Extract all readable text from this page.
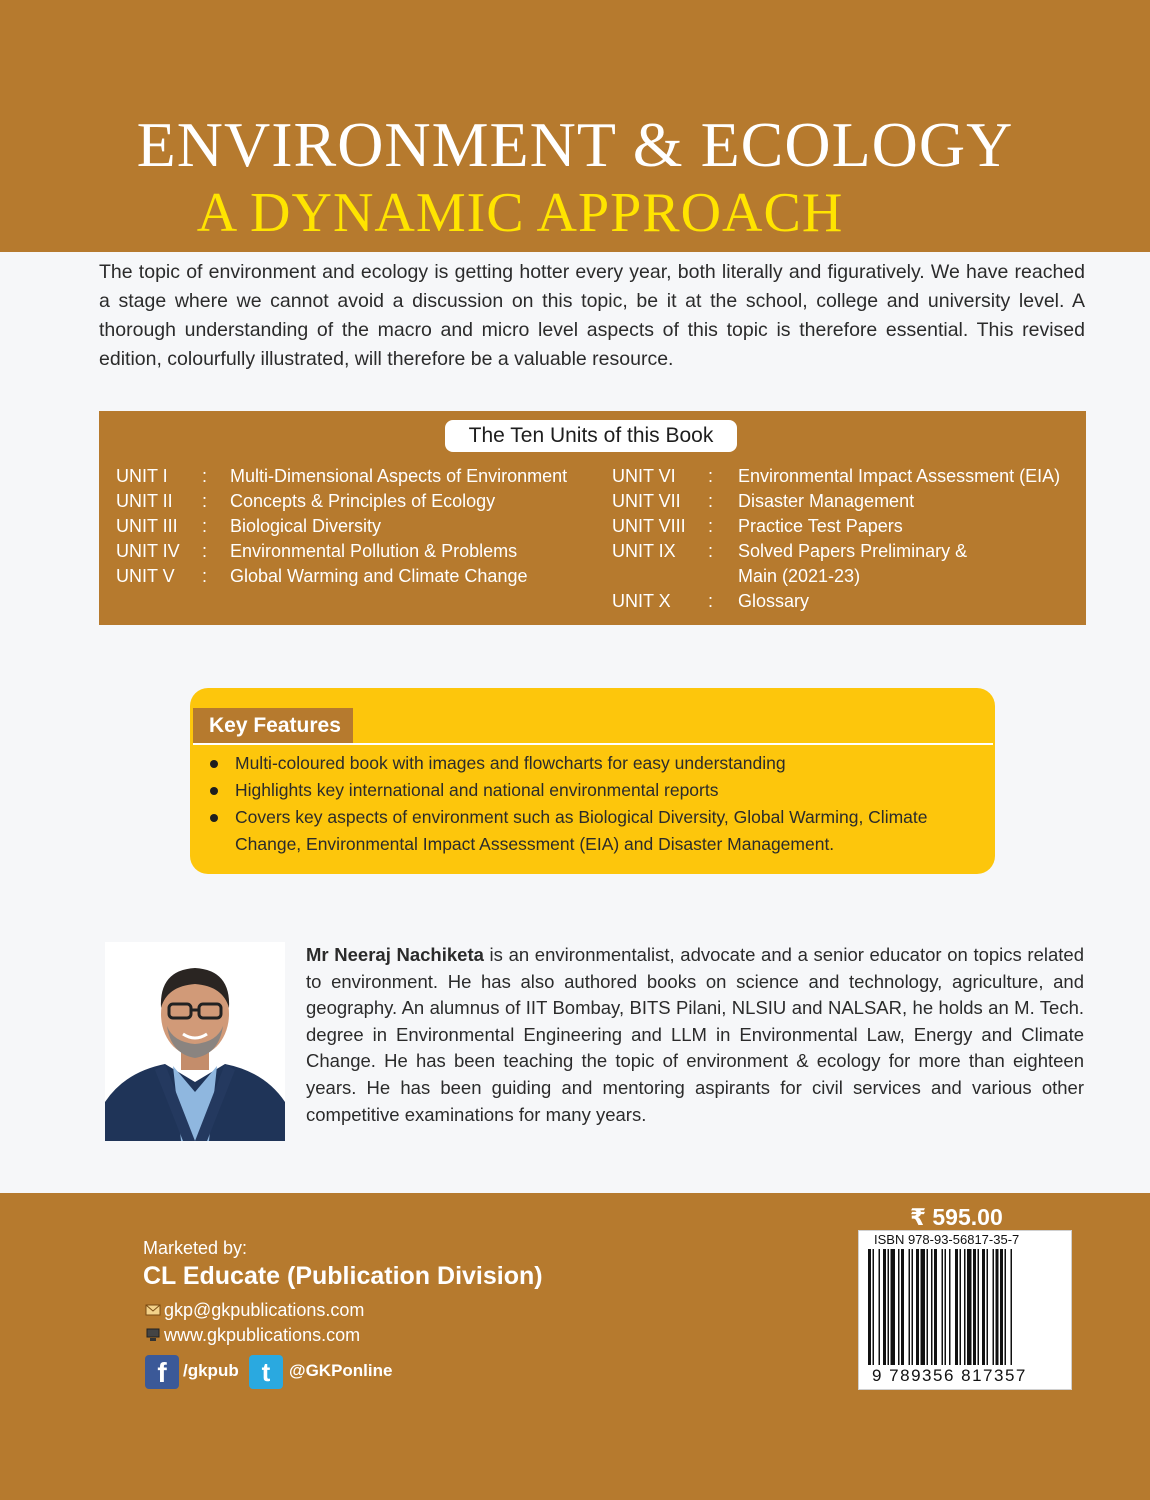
ENVIRONMENT & ECOLOGY
A DYNAMIC APPROACH
The topic of environment and ecology is getting hotter every year, both literally and figuratively. We have reached a stage where we cannot avoid a discussion on this topic, be it at the school, college and university level. A thorough understanding of the macro and micro level aspects of this topic is therefore essential. This revised edition, colourfully illustrated, will therefore be a valuable resource.
The Ten Units of this Book
UNIT I : Multi-Dimensional Aspects of Environment
UNIT II : Concepts & Principles of Ecology
UNIT III : Biological Diversity
UNIT IV : Environmental Pollution & Problems
UNIT V : Global Warming and Climate Change
UNIT VI : Environmental Impact Assessment (EIA)
UNIT VII : Disaster Management
UNIT VIII : Practice Test Papers
UNIT IX : Solved Papers Preliminary &
Main (2021-23)
UNIT X : Glossary
Key Features
Multi-coloured book with images and flowcharts for easy understanding
Highlights key international and national environmental reports
Covers key aspects of environment such as Biological Diversity, Global Warming, Climate Change, Environmental Impact Assessment (EIA) and Disaster Management.
Mr Neeraj Nachiketa is an environmentalist, advocate and a senior educator on topics related to environment. He has also authored books on science and technology, agriculture, and geography. An alumnus of IIT Bombay, BITS Pilani, NLSIU and NALSAR, he holds an M. Tech. degree in Environmental Engineering and LLM in Environmental Law, Energy and Climate Change. He has been teaching the topic of environment & ecology for more than eighteen years. He has been guiding and mentoring aspirants for civil services and various other competitive examinations for many years.
Marketed by:
CL Educate (Publication Division)
gkp@gkpublications.com
www.gkpublications.com
f /gkpub t	@GKPonline
₹ 595.00
ISBN 978-93-56817-35-7
9 789356 817357
